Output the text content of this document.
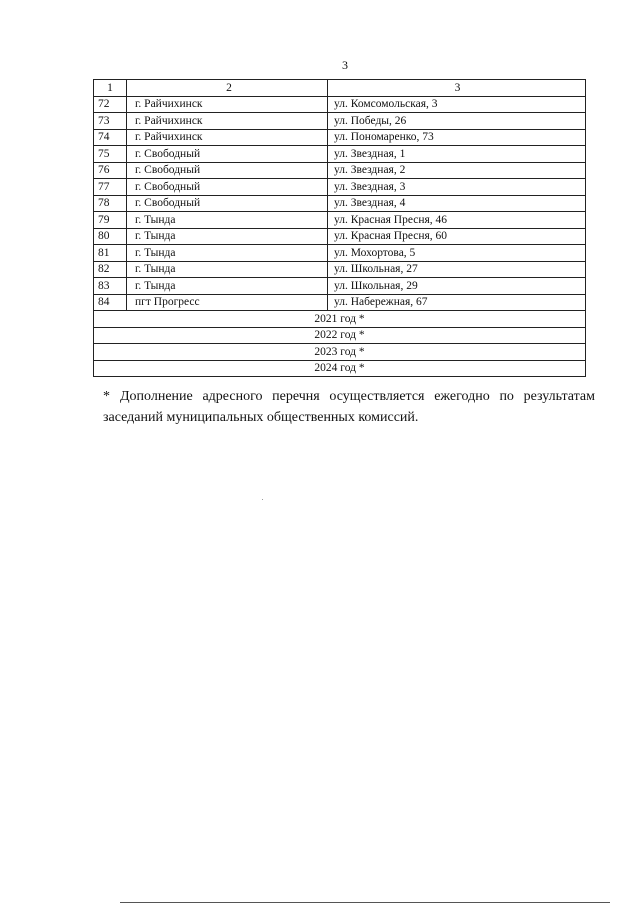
3
1	2	3
72	г. Райчихинск	ул. Комсомольская, 3
73	г. Райчихинск	ул. Победы, 26
74	г. Райчихинск	ул. Пономаренко, 73
75	г. Свободный	ул. Звездная, 1
76	г. Свободный	ул. Звездная, 2
77	г. Свободный	ул. Звездная, 3
78	г. Свободный	ул. Звездная, 4
79	г. Тында	ул. Красная Пресня, 46
80	г. Тында	ул. Красная Пресня, 60
81	г. Тында	ул. Мохортова, 5
82	г. Тында	ул. Школьная, 27
83	г. Тында	ул. Школьная, 29
84	пгт Прогресс	ул. Набережная, 67
2021 год *		
2022 год *		
2023 год *		
2024 год *		
* Дополнение адресного перечня осуществляется ежегодно по результатам
заседаний муниципальных общественных комиссий.
